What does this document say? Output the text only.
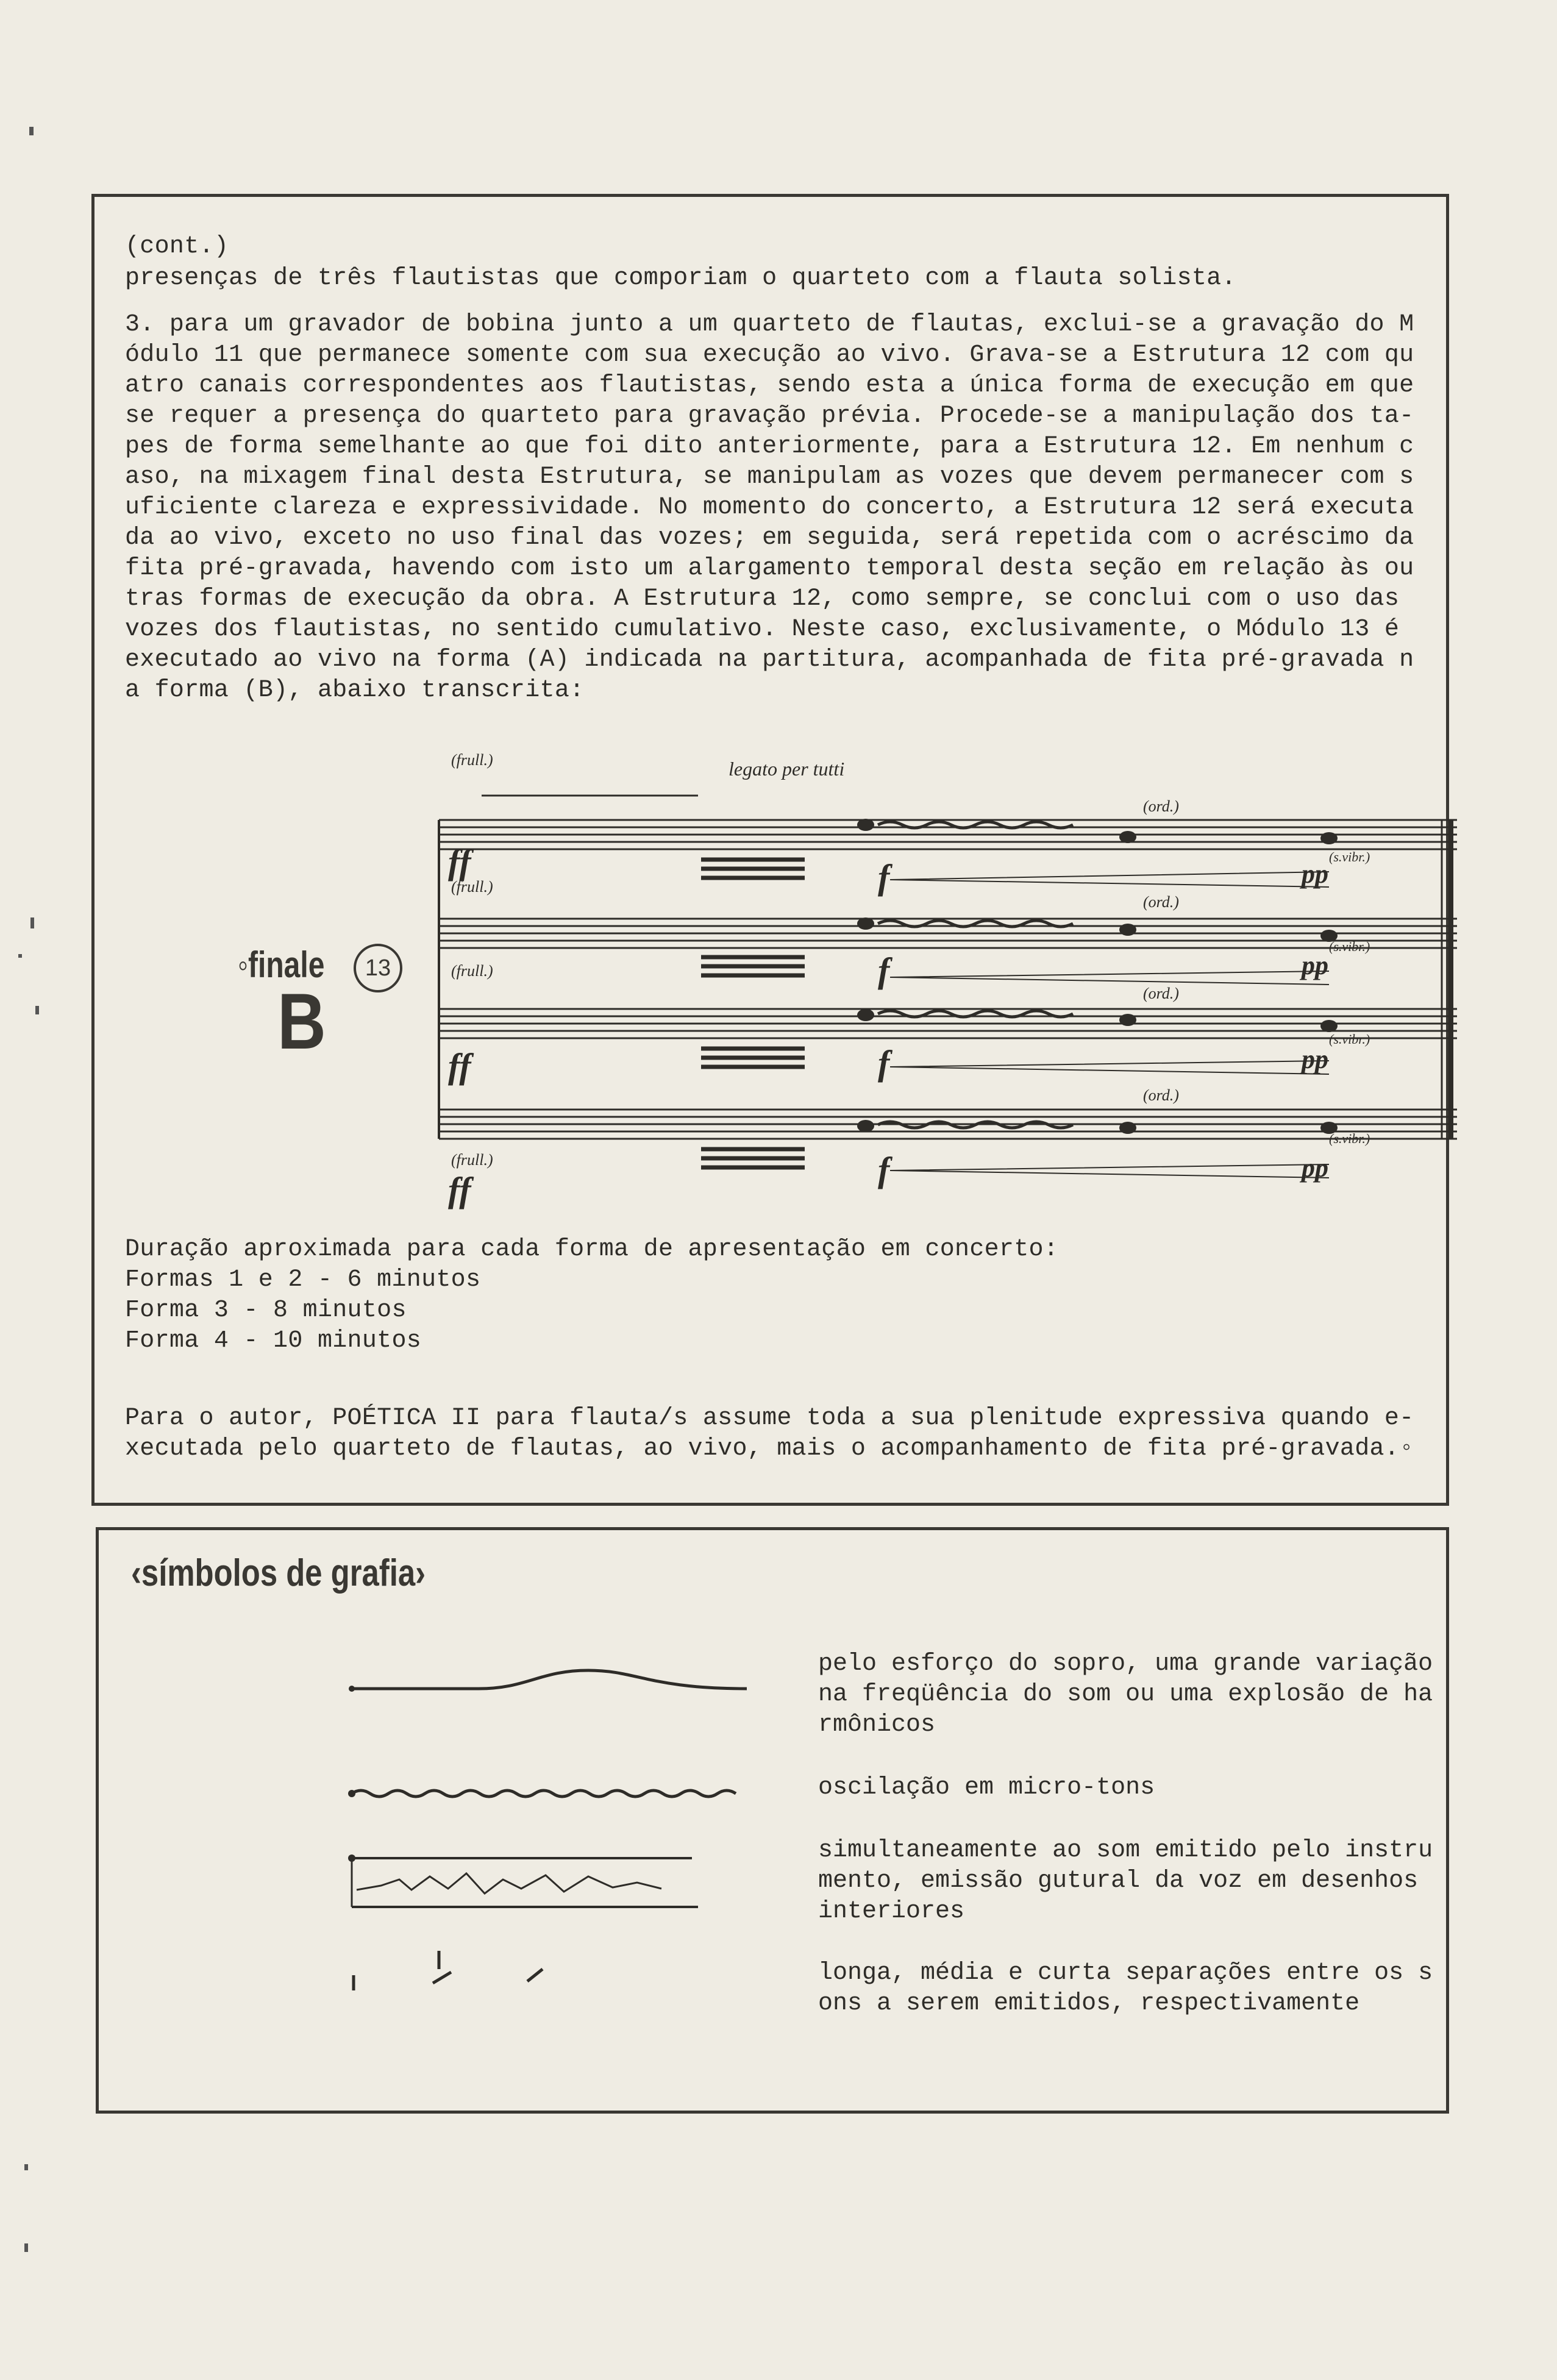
(cont.)
presenças de três flautistas que comporiam o quarteto com a flauta solista.
3. para um gravador de bobina junto a um quarteto de flautas, exclui-se a gravação do M
ódulo 11 que permanece somente com sua execução ao vivo. Grava-se a Estrutura 12 com qu
atro canais correspondentes aos flautistas, sendo esta a única forma de execução em que
se requer a presença do quarteto para gravação prévia. Procede-se a manipulação dos ta-
pes de forma semelhante ao que foi dito anteriormente, para a Estrutura 12. Em nenhum c
aso, na mixagem final desta Estrutura, se manipulam as vozes que devem permanecer com s
uficiente clareza e expressividade. No momento do concerto, a Estrutura 12 será executa
da ao vivo, exceto no uso final das vozes; em seguida, será repetida com o acréscimo da
fita pré-gravada, havendo com isto um alargamento temporal desta seção em relação às ou
tras formas de execução da obra. A Estrutura 12, como sempre, se conclui com o uso das
vozes dos flautistas, no sentido cumulativo. Neste caso, exclusivamente, o Módulo 13 é
executado ao vivo na forma (A) indicada na partitura, acompanhada de fita pré-gravada n
a forma (B), abaixo transcrita:
◦finale	13
B
(frull.)	legato per tutti
(ord.)
(s.vibr.)
ff	f	pp
(frull.)
(ord.)
f	pp
(s.vibr.)
(frull.)
(ord.)
ff	f	pp
(s.vibr.)
(ord.)
(frull.)
ff
f	pp
(s.vibr.)
Duração aproximada para cada forma de apresentação em concerto:
Formas 1 e 2 - 6 minutos
Forma 3 - 8 minutos
Forma 4 - 10 minutos
Para o autor, POÉTICA II para flauta/s assume toda a sua plenitude expressiva quando e-
xecutada pelo quarteto de flautas, ao vivo, mais o acompanhamento de fita pré-gravada.◦
‹símbolos de grafia›
pelo esforço do sopro, uma grande variação
na freqüência do som ou uma explosão de ha
rmônicos
oscilação em micro-tons
simultaneamente ao som emitido pelo instru
mento, emissão gutural da voz em desenhos
interiores
longa, média e curta separações entre os s
ons a serem emitidos, respectivamente
